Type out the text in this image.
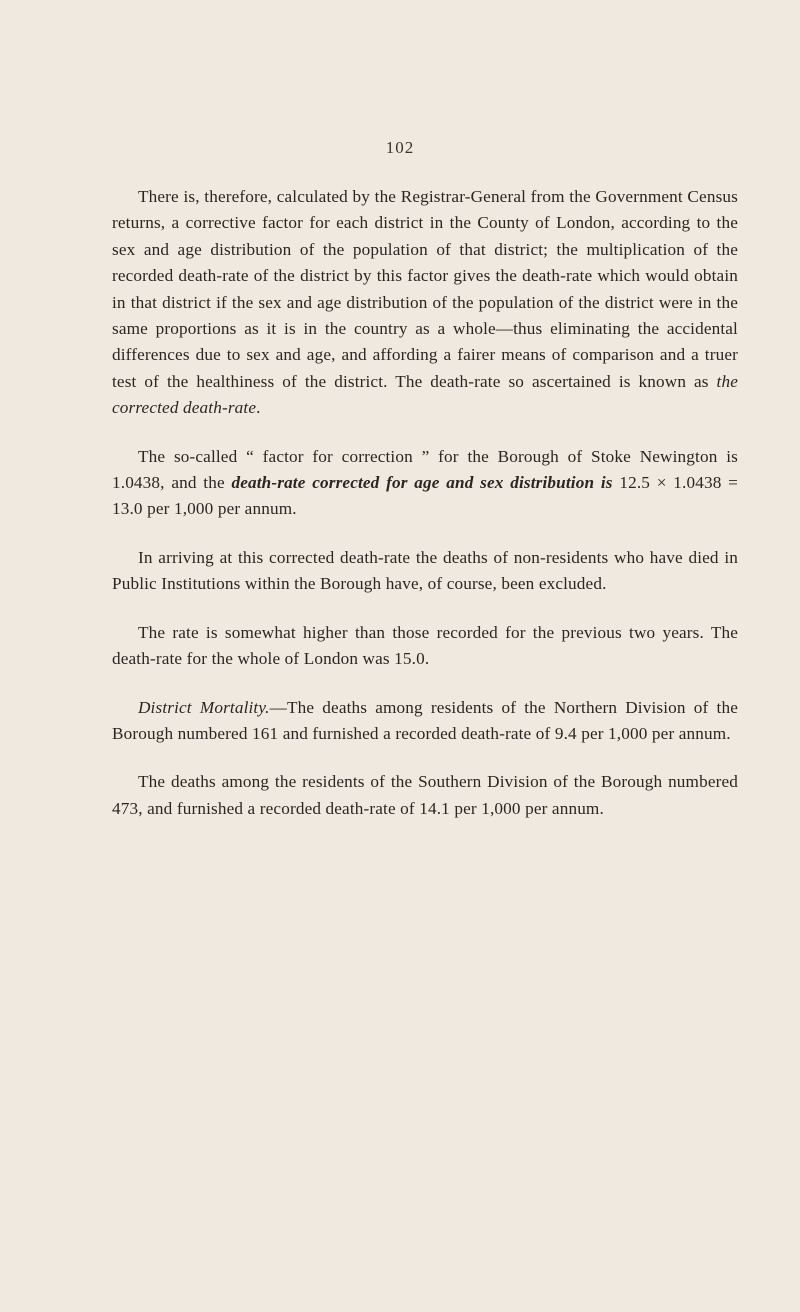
102

There is, therefore, calculated by the Registrar-General from the Government Census returns, a corrective factor for each district in the County of London, according to the sex and age distribution of the population of that district; the multiplication of the recorded death-rate of the district by this factor gives the death-rate which would obtain in that district if the sex and age distribution of the population of the district were in the same proportions as it is in the country as a whole—thus eliminating the accidental differences due to sex and age, and affording a fairer means of comparison and a truer test of the healthiness of the district. The death-rate so ascertained is known as the corrected death-rate.

The so-called “ factor for correction ” for the Borough of Stoke Newington is 1.0438, and the death-rate corrected for age and sex distribution is 12.5 × 1.0438 = 13.0 per 1,000 per annum.

In arriving at this corrected death-rate the deaths of non-residents who have died in Public Institutions within the Borough have, of course, been excluded.

The rate is somewhat higher than those recorded for the previous two years. The death-rate for the whole of London was 15.0.

District Mortality.—The deaths among residents of the Northern Division of the Borough numbered 161 and furnished a recorded death-rate of 9.4 per 1,000 per annum.

The deaths among the residents of the Southern Division of the Borough numbered 473, and furnished a recorded death-rate of 14.1 per 1,000 per annum.
